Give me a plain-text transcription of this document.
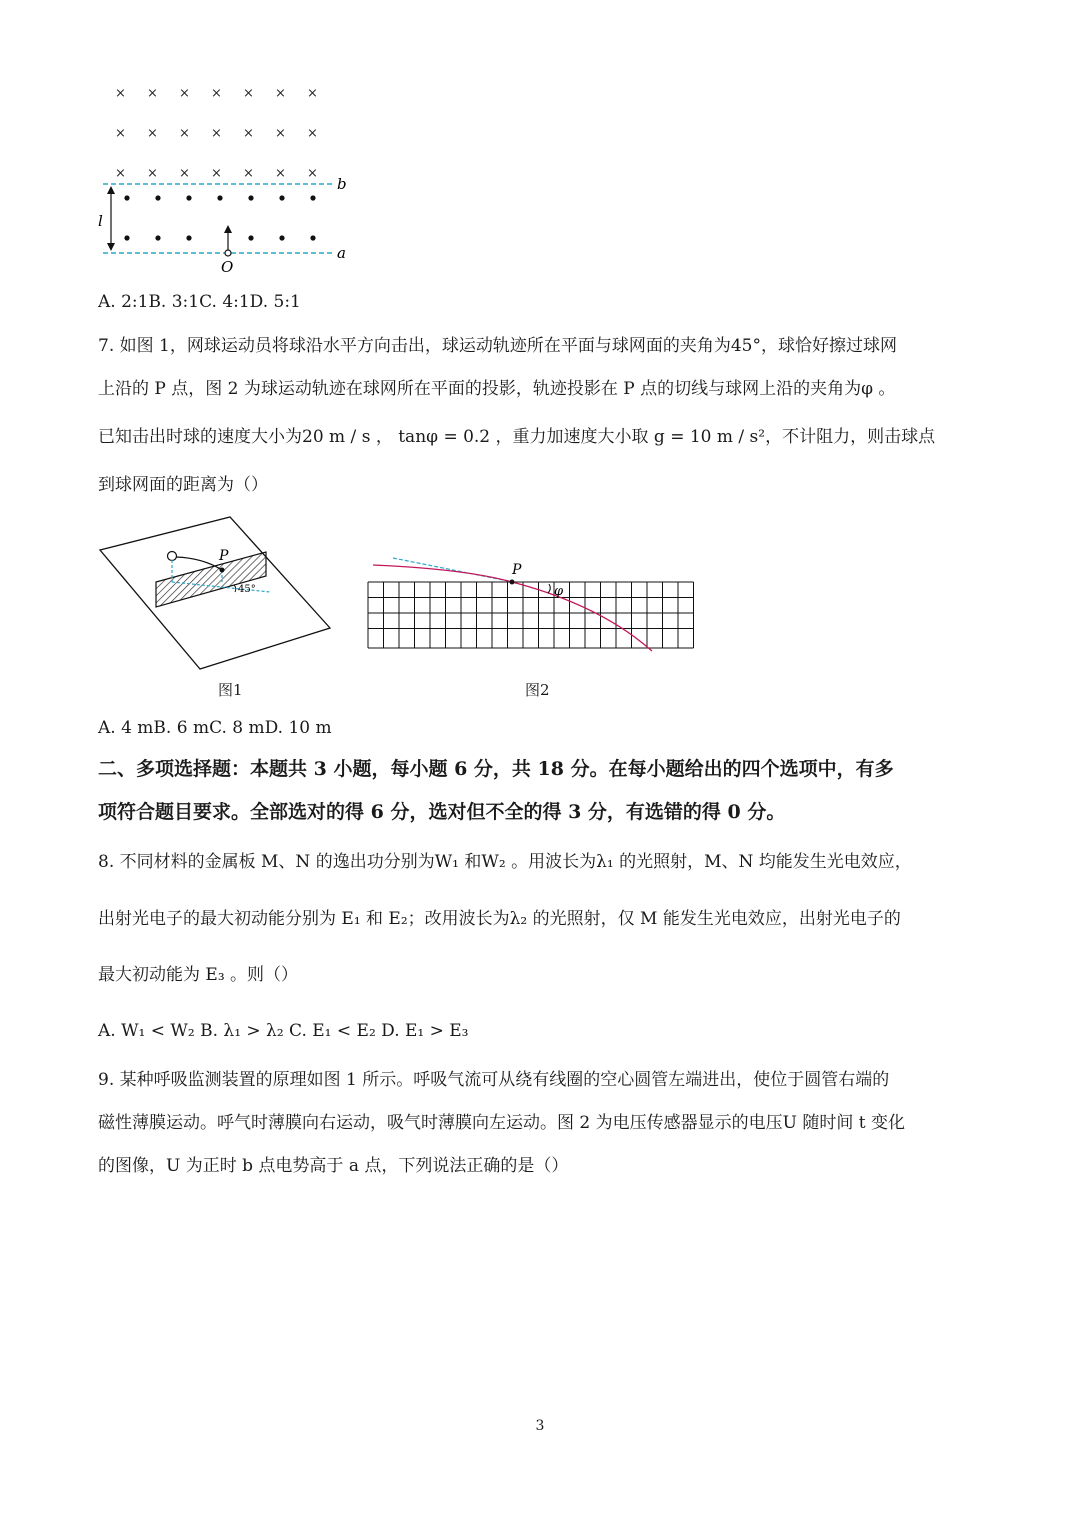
× × × × × × ×
× × × × × × ×
× × × × × × ×
b
a
l
O
A. 2:1B. 3:1C. 4:1D. 5:1
7. 如图 1，网球运动员将球沿水平方向击出，球运动轨迹所在平面与球网面的夹角为45°，球恰好擦过球网
上沿的 P 点，图 2 为球运动轨迹在球网所在平面的投影，轨迹投影在 P 点的切线与球网上沿的夹角为φ 。
已知击出时球的速度大小为20 m / s ， tanφ = 0.2 ，重力加速度大小取 g = 10 m / s²，不计阻力，则击球点
到球网面的距离为（）
P
45°
图1
P
φ
图2
A. 4 mB. 6 mC. 8 mD. 10 m
二、多项选择题：本题共 3 小题，每小题 6 分，共 18 分。在每小题给出的四个选项中，有多
项符合题目要求。全部选对的得 6 分，选对但不全的得 3 分，有选错的得 0 分。
8. 不同材料的金属板 M、N 的逸出功分别为W₁ 和W₂ 。用波长为λ₁ 的光照射，M、N 均能发生光电效应，
出射光电子的最大初动能分别为 E₁ 和 E₂；改用波长为λ₂ 的光照射，仅 M 能发生光电效应，出射光电子的
最大初动能为 E₃ 。则（）
A. W₁ < W₂ B. λ₁ > λ₂ C. E₁ < E₂ D. E₁ > E₃
9. 某种呼吸监测装置的原理如图 1 所示。呼吸气流可从绕有线圈的空心圆管左端进出，使位于圆管右端的
磁性薄膜运动。呼气时薄膜向右运动，吸气时薄膜向左运动。图 2 为电压传感器显示的电压U 随时间 t 变化
的图像，U 为正时 b 点电势高于 a 点，下列说法正确的是（）
3
